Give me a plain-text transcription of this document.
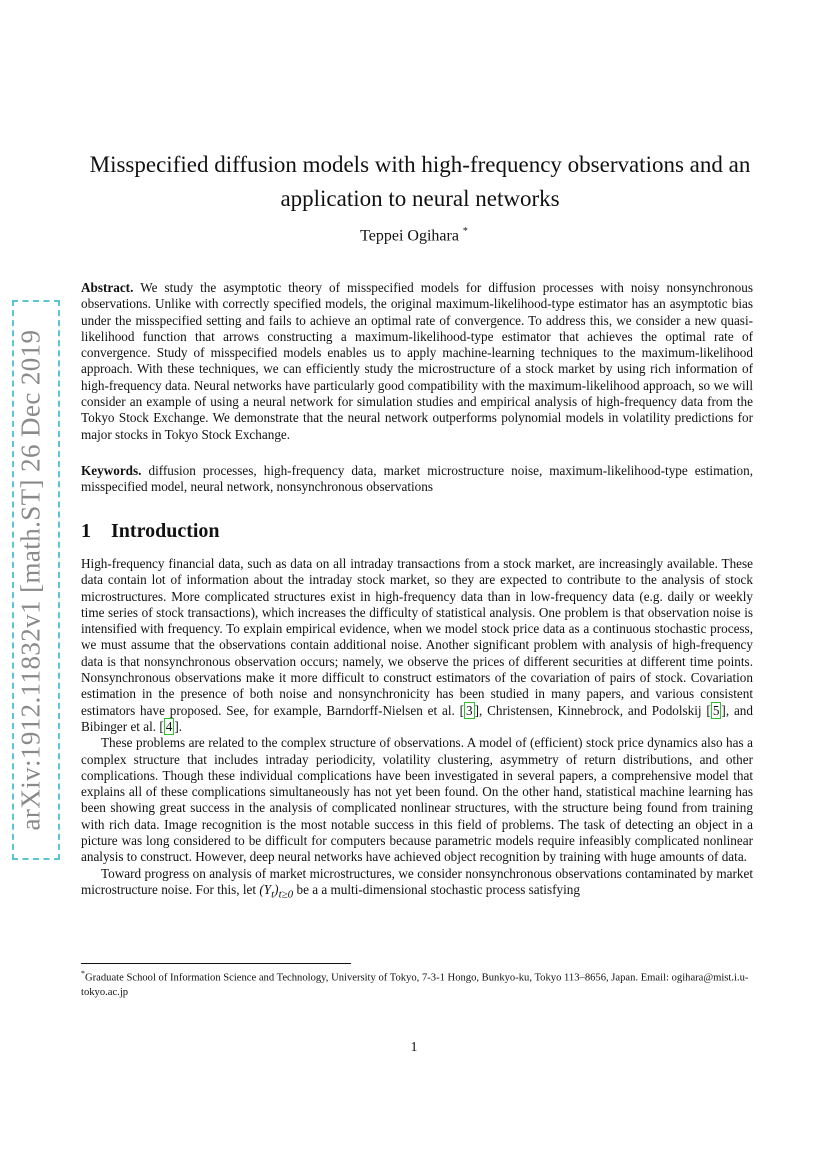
arXiv:1912.11832v1 [math.ST] 26 Dec 2019
Misspecified diffusion models with high-frequency observations and an application to neural networks
Teppei Ogihara *
Abstract. We study the asymptotic theory of misspecified models for diffusion processes with noisy nonsynchronous observations. Unlike with correctly specified models, the original maximum-likelihood-type estimator has an asymptotic bias under the misspecified setting and fails to achieve an optimal rate of convergence. To address this, we consider a new quasi-likelihood function that arrows constructing a maximum-likelihood-type estimator that achieves the optimal rate of convergence. Study of misspecified models enables us to apply machine-learning techniques to the maximum-likelihood approach. With these techniques, we can efficiently study the microstructure of a stock market by using rich information of high-frequency data. Neural networks have particularly good compatibility with the maximum-likelihood approach, so we will consider an example of using a neural network for simulation studies and empirical analysis of high-frequency data from the Tokyo Stock Exchange. We demonstrate that the neural network outperforms polynomial models in volatility predictions for major stocks in Tokyo Stock Exchange.
Keywords. diffusion processes, high-frequency data, market microstructure noise, maximum-likelihood-type estimation, misspecified model, neural network, nonsynchronous observations
1 Introduction

High-frequency financial data, such as data on all intraday transactions from a stock market, are increasingly available. These data contain lot of information about the intraday stock market, so they are expected to contribute to the analysis of stock microstructures. More complicated structures exist in high-frequency data than in low-frequency data (e.g. daily or weekly time series of stock transactions), which increases the difficulty of statistical analysis. One problem is that observation noise is intensified with frequency. To explain empirical evidence, when we model stock price data as a continuous stochastic process, we must assume that the observations contain additional noise. Another significant problem with analysis of high-frequency data is that nonsynchronous observation occurs; namely, we observe the prices of different securities at different time points. Nonsynchronous observations make it more difficult to construct estimators of the covariation of pairs of stock. Covariation estimation in the presence of both noise and nonsynchronicity has been studied in many papers, and various consistent estimators have proposed. See, for example, Barndorff-Nielsen et al. [ 3 ], Christensen, Kinnebrock, and Podolskij [ 5 ], and Bibinger et al. [ 4 ].

These problems are related to the complex structure of observations. A model of (efficient) stock price dynamics also has a complex structure that includes intraday periodicity, volatility clustering, asymmetry of return distributions, and other complications. Though these individual complications have been investigated in several papers, a comprehensive model that explains all of these complications simultaneously has not yet been found. On the other hand, statistical machine learning has been showing great success in the analysis of complicated nonlinear structures, with the structure being found from training with rich data. Image recognition is the most notable success in this field of problems. The task of detecting an object in a picture was long considered to be difficult for computers because parametric models require infeasibly complicated nonlinear analysis to construct. However, deep neural networks have achieved object recognition by training with huge amounts of data.

Toward progress on analysis of market microstructures, we consider nonsynchronous observations contaminated by market microstructure noise. For this, let $(Y_t)_{t\ge 0}$ be a a multi-dimensional stochastic process satisfying

*Graduate School of Information Science and Technology, University of Tokyo, 7-3-1 Hongo, Bunkyo-ku, Tokyo 113–8656, Japan. Email: ogihara@mist.i.u-tokyo.ac.jp
1
